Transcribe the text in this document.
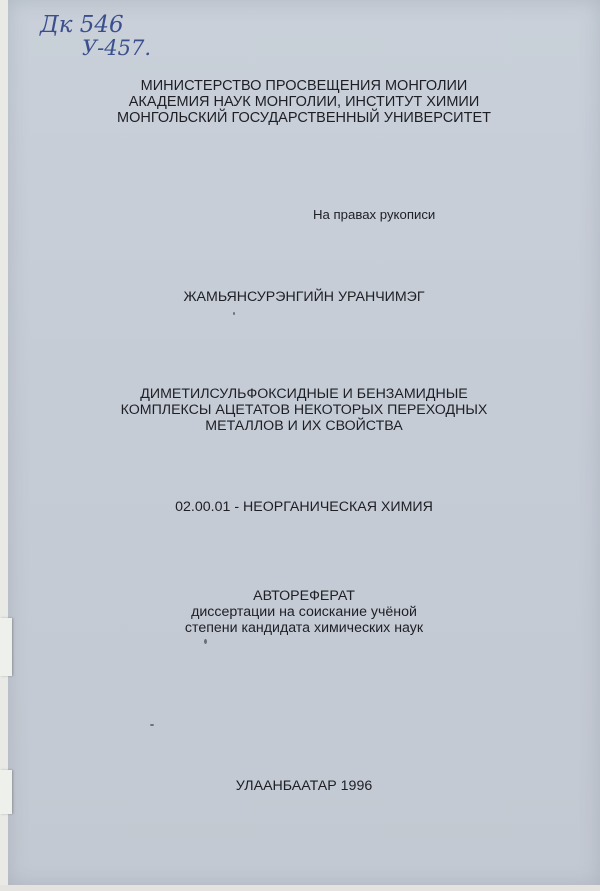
Дк 546
У-457.
МИНИСТЕРСТВО ПРОСВЕЩЕНИЯ МОНГОЛИИ
АКАДЕМИЯ НАУК МОНГОЛИИ, ИНСТИТУТ ХИМИИ
МОНГОЛЬСКИЙ ГОСУДАРСТВЕННЫЙ УНИВЕРСИТЕТ
На правах рукописи
ЖАМЬЯНСУРЭНГИЙН УРАНЧИМЭГ
ДИМЕТИЛСУЛЬФОКСИДНЫЕ И БЕНЗАМИДНЫЕ
КОМПЛЕКСЫ АЦЕТАТОВ НЕКОТОРЫХ ПЕРЕХОДНЫХ
МЕТАЛЛОВ И ИХ СВОЙСТВА
02.00.01 - НЕОРГАНИЧЕСКАЯ ХИМИЯ
АВТОРЕФЕРАТ
диссертации на соискание учёной
степени кандидата химических наук
УЛААНБААТАР 1996
